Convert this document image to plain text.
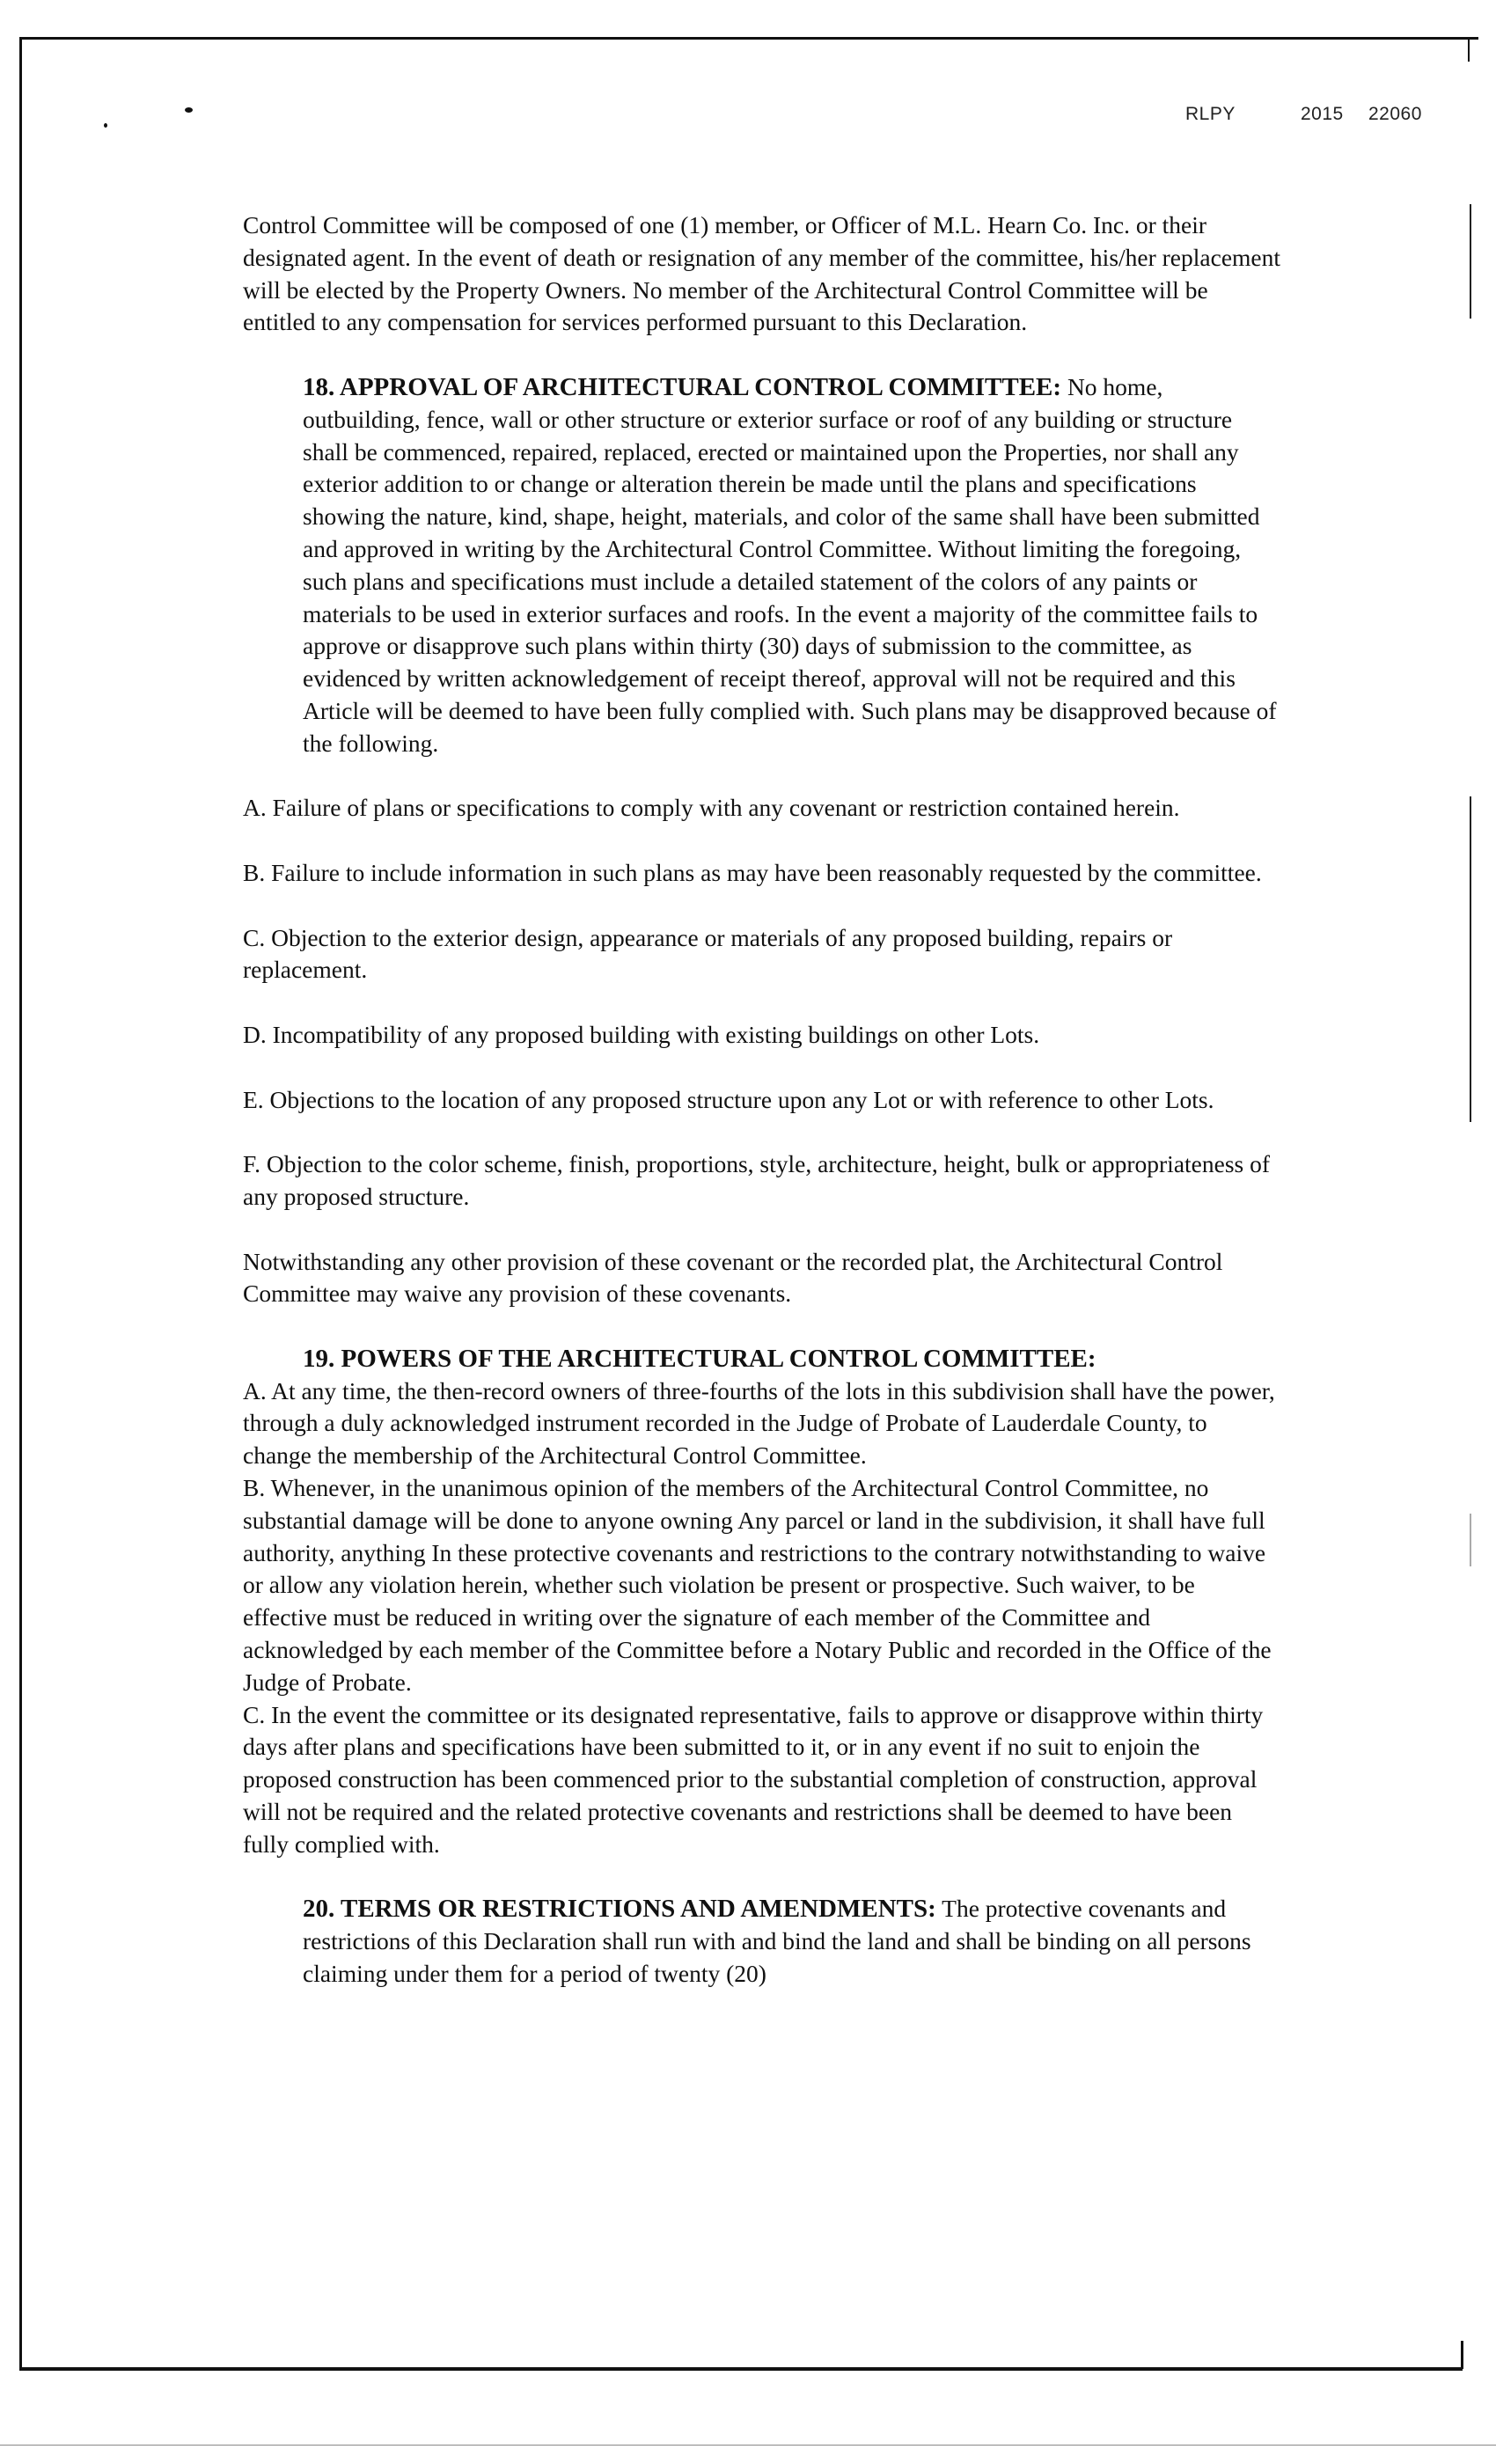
RLPY	2015 22060

Control Committee will be composed of one (1) member, or Officer of M.L. Hearn Co. Inc. or their designated agent. In the event of death or resignation of any member of the committee, his/her replacement will be elected by the Property Owners. No member of the Architectural Control Committee will be entitled to any compensation for services performed pursuant to this Declaration.

18. APPROVAL OF ARCHITECTURAL CONTROL COMMITTEE: No home, outbuilding, fence, wall or other structure or exterior surface or roof of any building or structure shall be commenced, repaired, replaced, erected or maintained upon the Properties, nor shall any exterior addition to or change or alteration therein be made until the plans and specifications showing the nature, kind, shape, height, materials, and color of the same shall have been submitted and approved in writing by the Architectural Control Committee. Without limiting the foregoing, such plans and specifications must include a detailed statement of the colors of any paints or materials to be used in exterior surfaces and roofs. In the event a majority of the committee fails to approve or disapprove such plans within thirty (30) days of submission to the committee, as evidenced by written acknowledgement of receipt thereof, approval will not be required and this Article will be deemed to have been fully complied with. Such plans may be disapproved because of the following.

A. Failure of plans or specifications to comply with any covenant or restriction contained herein.

B. Failure to include information in such plans as may have been reasonably requested by the committee.

C. Objection to the exterior design, appearance or materials of any proposed building, repairs or replacement.

D. Incompatibility of any proposed building with existing buildings on other Lots.

E. Objections to the location of any proposed structure upon any Lot or with reference to other Lots.

F. Objection to the color scheme, finish, proportions, style, architecture, height, bulk or appropriateness of any proposed structure.

Notwithstanding any other provision of these covenant or the recorded plat, the Architectural Control Committee may waive any provision of these covenants.

19. POWERS OF THE ARCHITECTURAL CONTROL COMMITTEE:

A. At any time, the then-record owners of three-fourths of the lots in this subdivision shall have the power, through a duly acknowledged instrument recorded in the Judge of Probate of Lauderdale County, to change the membership of the Architectural Control Committee.

B. Whenever, in the unanimous opinion of the members of the Architectural Control Committee, no substantial damage will be done to anyone owning Any parcel or land in the subdivision, it shall have full authority, anything In these protective covenants and restrictions to the contrary notwithstanding to waive or allow any violation herein, whether such violation be present or prospective. Such waiver, to be effective must be reduced in writing over the signature of each member of the Committee and acknowledged by each member of the Committee before a Notary Public and recorded in the Office of the Judge of Probate.

C. In the event the committee or its designated representative, fails to approve or disapprove within thirty days after plans and specifications have been submitted to it, or in any event if no suit to enjoin the proposed construction has been commenced prior to the substantial completion of construction, approval will not be required and the related protective covenants and restrictions shall be deemed to have been fully complied with.

20. TERMS OR RESTRICTIONS AND AMENDMENTS: The protective covenants and restrictions of this Declaration shall run with and bind the land and shall be binding on all persons claiming under them for a period of twenty (20)
